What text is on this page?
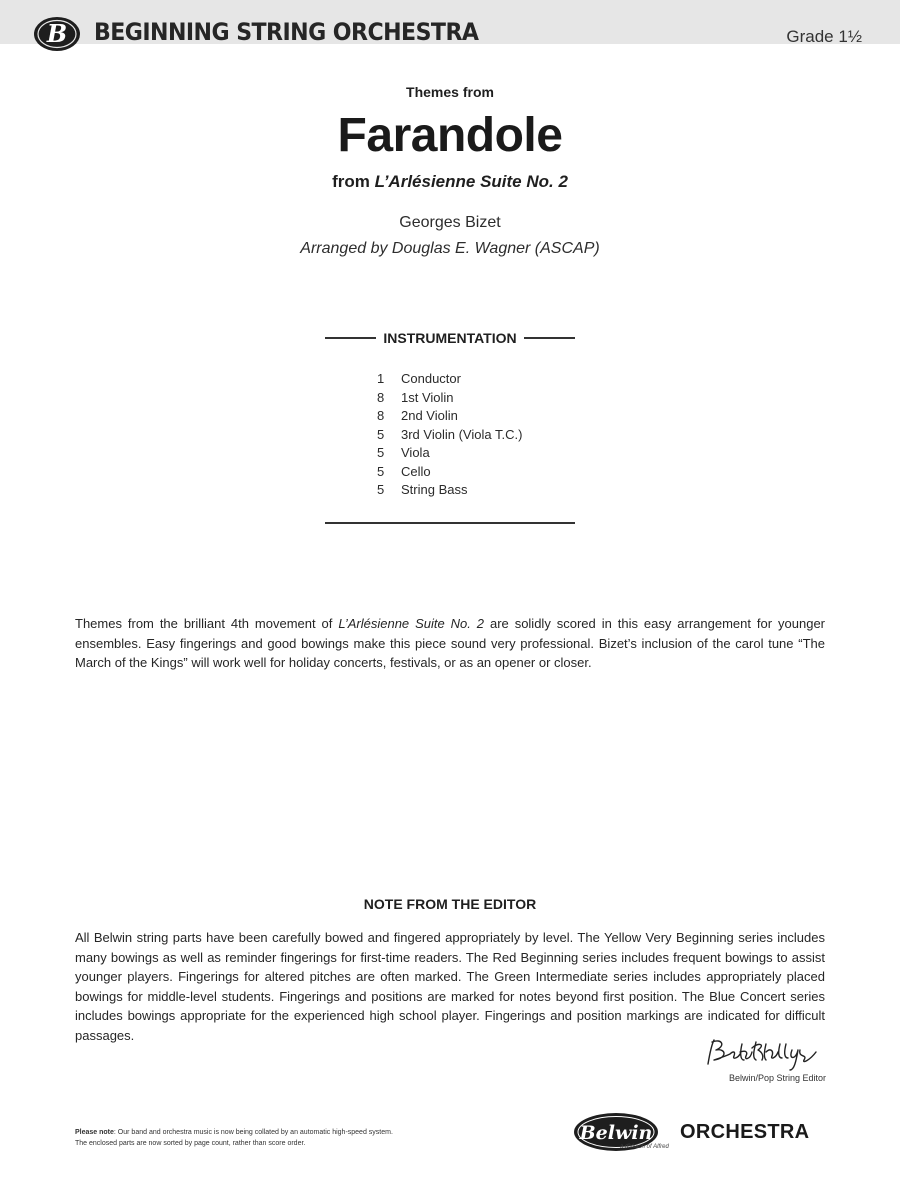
B BEGINNING STRING ORCHESTRA	Grade 1½
Themes from
Farandole
from L’Arlésienne Suite No. 2
Georges Bizet
Arranged by Douglas E. Wagner (ASCAP)
INSTRUMENTATION
1	Conductor
8	1st Violin
8	2nd Violin
5	3rd Violin (Viola T.C.)
5	Viola
5	Cello
5	String Bass

Themes from the brilliant 4th movement of L’Arlésienne Suite No. 2 are solidly scored in this easy arrangement for younger ensembles. Easy fingerings and good bowings make this piece sound very professional. Bizet’s inclusion of the carol tune “The March of the Kings” will work well for holiday concerts, festivals, or as an opener or closer.

NOTE FROM THE EDITOR

All Belwin string parts have been carefully bowed and fingered appropriately by level. The Yellow Very Beginning series includes many bowings as well as reminder fingerings for first-time readers. The Red Beginning series includes frequent bowings to assist younger players. Fingerings for altered pitches are often marked. The Green Intermediate series includes appropriately placed bowings for middle-level students. Fingerings and positions are marked for notes beyond first position. The Blue Concert series includes bowings appropriate for the experienced high school player. Fingerings and position markings are indicated for difficult passages.

Belwin/Pop String Editor
Please note: Our band and orchestra music is now being collated by an automatic high-speed system.
The enclosed parts are now sorted by page count, rather than score order.	Belwin ORCHESTRA
a division of Alfred
